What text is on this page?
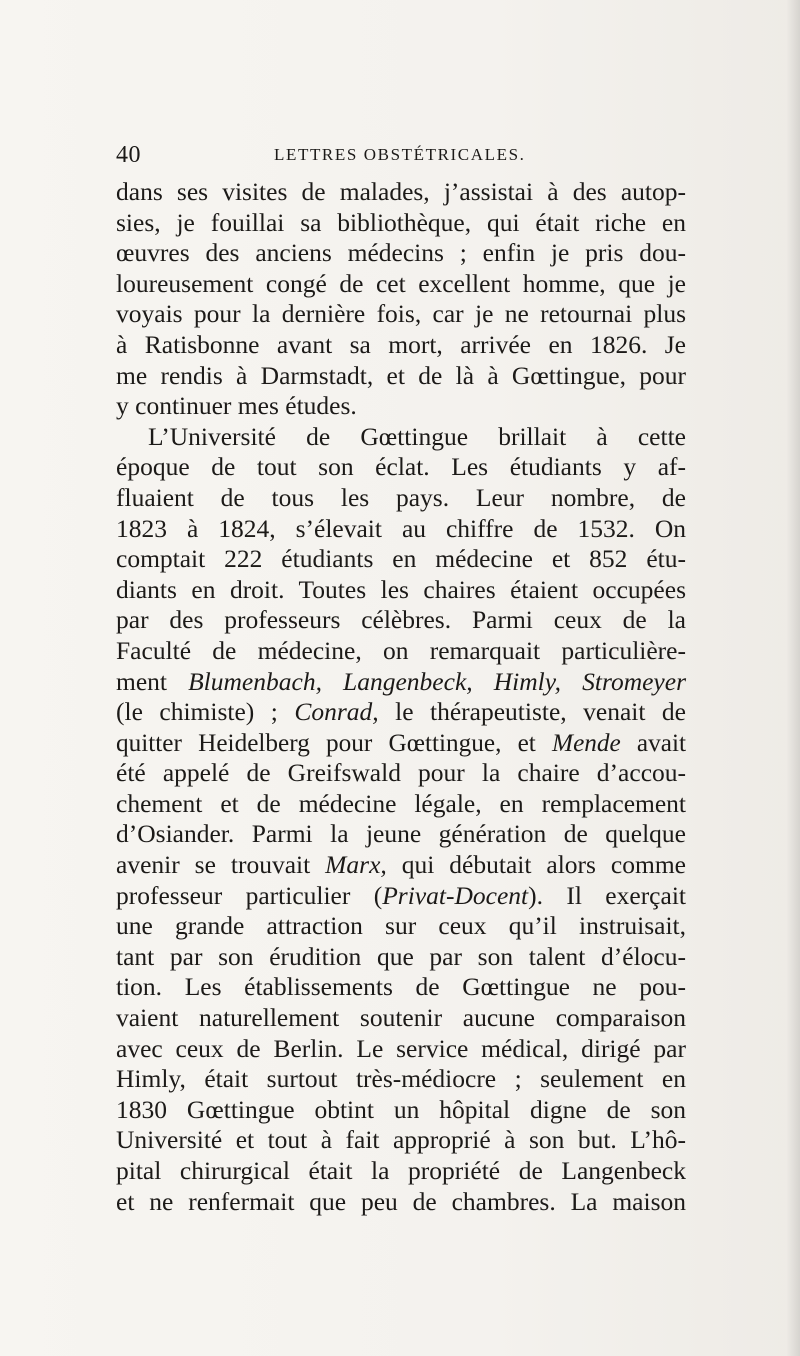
40	LETTRES OBSTÉTRICALES.
dans ses visites de malades, j’assistai à des autop-
sies, je fouillai sa bibliothèque, qui était riche en
œuvres des anciens médecins ; enfin je pris dou-
loureusement congé de cet excellent homme, que je
voyais pour la dernière fois, car je ne retournai plus
à Ratisbonne avant sa mort, arrivée en 1826. Je
me rendis à Darmstadt, et de là à Gœttingue, pour
y continuer mes études.
L’Université de Gœttingue brillait à cette
époque de tout son éclat. Les étudiants y af-
fluaient de tous les pays. Leur nombre, de
1823 à 1824, s’élevait au chiffre de 1532. On
comptait 222 étudiants en médecine et 852 étu-
diants en droit. Toutes les chaires étaient occupées
par des professeurs célèbres. Parmi ceux de la
Faculté de médecine, on remarquait particulière-
ment Blumenbach, Langenbeck, Himly, Stromeyer
(le chimiste) ; Conrad, le thérapeutiste, venait de
quitter Heidelberg pour Gœttingue, et Mende avait
été appelé de Greifswald pour la chaire d’accou-
chement et de médecine légale, en remplacement
d’Osiander. Parmi la jeune génération de quelque
avenir se trouvait Marx, qui débutait alors comme
professeur particulier (Privat-Docent). Il exerçait
une grande attraction sur ceux qu’il instruisait,
tant par son érudition que par son talent d’élocu-
tion. Les établissements de Gœttingue ne pou-
vaient naturellement soutenir aucune comparaison
avec ceux de Berlin. Le service médical, dirigé par
Himly, était surtout très-médiocre ; seulement en
1830 Gœttingue obtint un hôpital digne de son
Université et tout à fait approprié à son but. L’hô-
pital chirurgical était la propriété de Langenbeck
et ne renfermait que peu de chambres. La maison
